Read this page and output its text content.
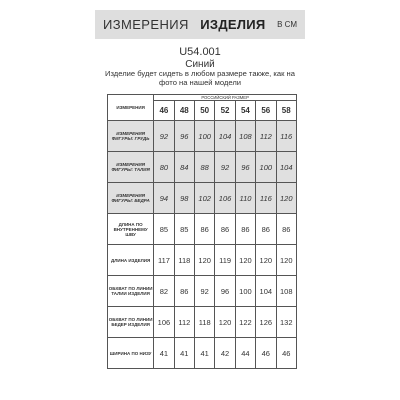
ИЗМЕРЕНИЯ ИЗДЕЛИЯ В СМ
U54.001
Синий
Изделие будет сидеть в любом размере также, как на фото на нашей модели
ИЗМЕРЕНИЯ	РОССИЙСКИЙ РАЗМЕР						
	46	48	50	52	54	56	58
ИЗМЕРЕНИЯ ФИГУРЫ: ГРУДЬ	92	96	100	104	108	112	116
ИЗМЕРЕНИЯ ФИГУРЫ: ТАЛИЯ	80	84	88	92	96	100	104
ИЗМЕРЕНИЯ ФИГУРЫ: БЕДРА	94	98	102	106	110	116	120
ДЛИНА ПО ВНУТРЕННЕМУ ШВУ	85	85	86	86	86	86	86
ДЛИНА ИЗДЕЛИЯ	117	118	120	119	120	120	120
ОБХВАТ ПО ЛИНИИ ТАЛИИ ИЗДЕЛИЯ	82	86	92	96	100	104	108
ОБХВАТ ПО ЛИНИИ БЕДЕР ИЗДЕЛИЯ	106	112	118	120	122	126	132
ШИРИНА ПО НИЗУ	41	41	41	42	44	46	46
